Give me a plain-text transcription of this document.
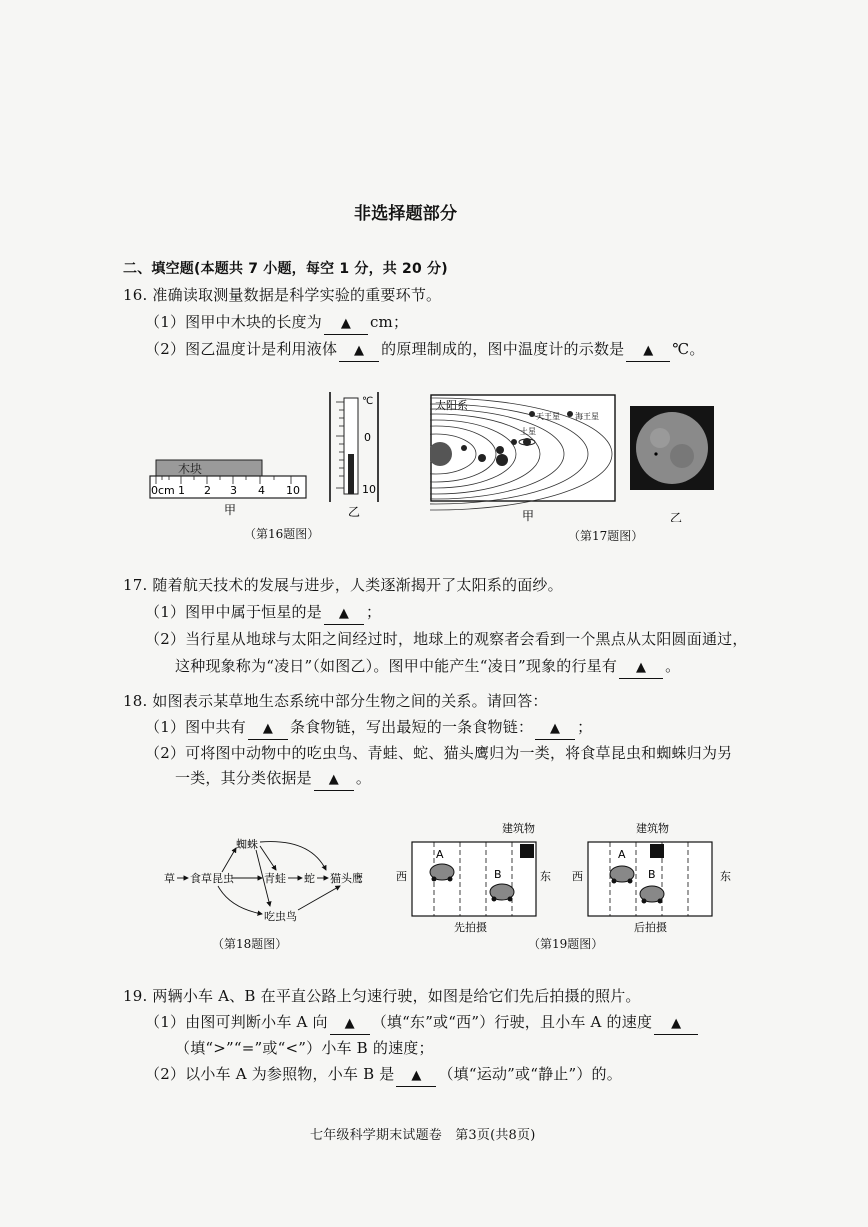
非选择题部分
二、填空题(本题共 7 小题，每空 1 分，共 20 分)
16. 准确读取测量数据是科学实验的重要环节。
（1）图甲中木块的长度为 ▲ cm；
（2）图乙温度计是利用液体 ▲ 的原理制成的，图中温度计的示数是 ▲ ℃。
木块
0cm 1 2 3 4 10
甲
℃
0
10
乙
（第16题图）
太阳系
天王星 海王星
土星
甲	乙
（第17题图）
17. 随着航天技术的发展与进步，人类逐渐揭开了太阳系的面纱。
（1）图甲中属于恒星的是 ▲ ；
（2）当行星从地球与太阳之间经过时，地球上的观察者会看到一个黑点从太阳圆面通过，
这种现象称为“凌日”（如图乙）。图甲中能产生“凌日”现象的行星有 ▲ 。
18. 如图表示某草地生态系统中部分生物之间的关系。请回答：
（1）图中共有 ▲ 条食物链，写出最短的一条食物链： ▲ ；
（2）可将图中动物中的吃虫鸟、青蛙、蛇、猫头鹰归为一类，将食草昆虫和蜘蛛归为另
一类，其分类依据是 ▲ 。
草 食草昆虫
蜘蛛
青蛙 蛇 猫头鹰
吃虫鸟
（第18题图）
建筑物
西
A
B	东
先拍摄
建筑物
西
A
B	东
后拍摄
（第19题图）
19. 两辆小车 A、B 在平直公路上匀速行驶，如图是给它们先后拍摄的照片。
（1）由图可判断小车 A 向 ▲ （填“东”或“西”）行驶，且小车 A 的速度 ▲
（填“>”“=”或“<”）小车 B 的速度；
（2）以小车 A 为参照物，小车 B 是 ▲ （填“运动”或“静止”）的。
七年级科学期末试题卷　第3页(共8页)
